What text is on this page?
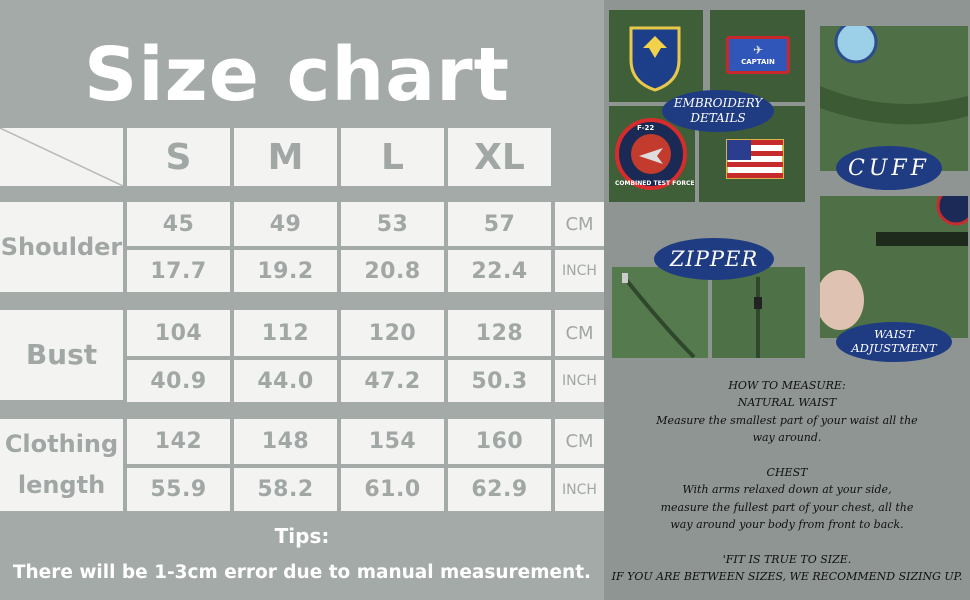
Size chart
S	M	L	XL
Shoulder
45	49	53	57	CM
17.7	19.2	20.8	22.4	INCH
Bust
104	112	120	128	CM
40.9	44.0	47.2	50.3	INCH
Clothing length
142	148	154	160	CM
55.9	58.2	61.0	62.9	INCH
Tips:
There will be 1-3cm error due to manual measurement.
✈
CAPTAIN
F-22
COMBINED TEST FORCE
EMBROIDERY DETAILS
CUFF
ZIPPER
WAIST ADJUSTMENT
HOW TO MEASURE:
NATURAL WAIST
Measure the smallest part of your waist all the
way around.

CHEST
With arms relaxed down at your side,
measure the fullest part of your chest, all the
way around your body from front to back.

'FIT IS TRUE TO SIZE.
IF YOU ARE BETWEEN SIZES, WE RECOMMEND SIZING UP.
